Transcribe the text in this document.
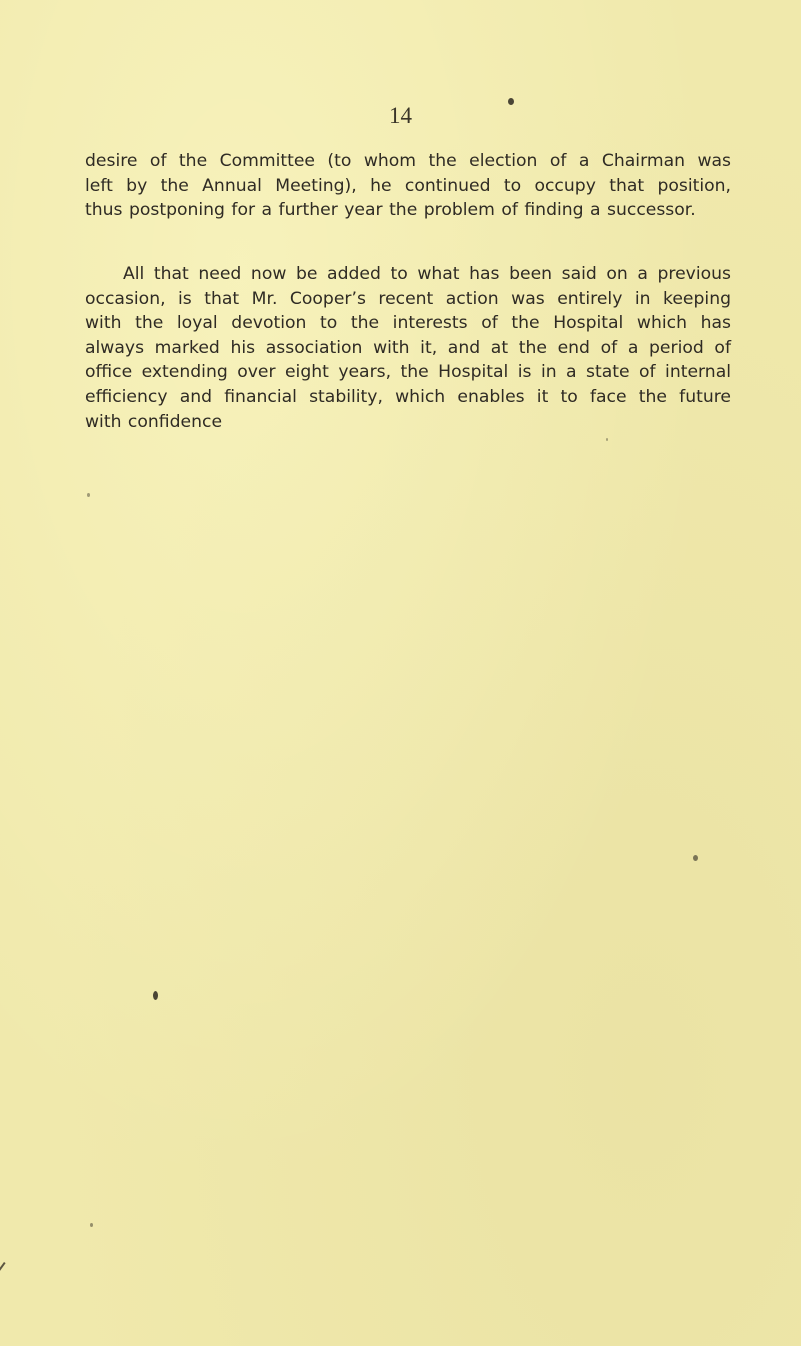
14
desire of the Committee (to whom the election of a Chairman was
left by the Annual Meeting), he continued to occupy that position,
thus postponing for a further year the problem of finding a successor.
All that need now be added to what has been said on a previous
occasion, is that Mr. Cooper’s recent action was entirely in keeping
with the loyal devotion to the interests of the Hospital which has
always marked his association with it, and at the end of a period of
office extending over eight years, the Hospital is in a state of internal
efficiency and financial stability, which enables it to face the future
with confidence
